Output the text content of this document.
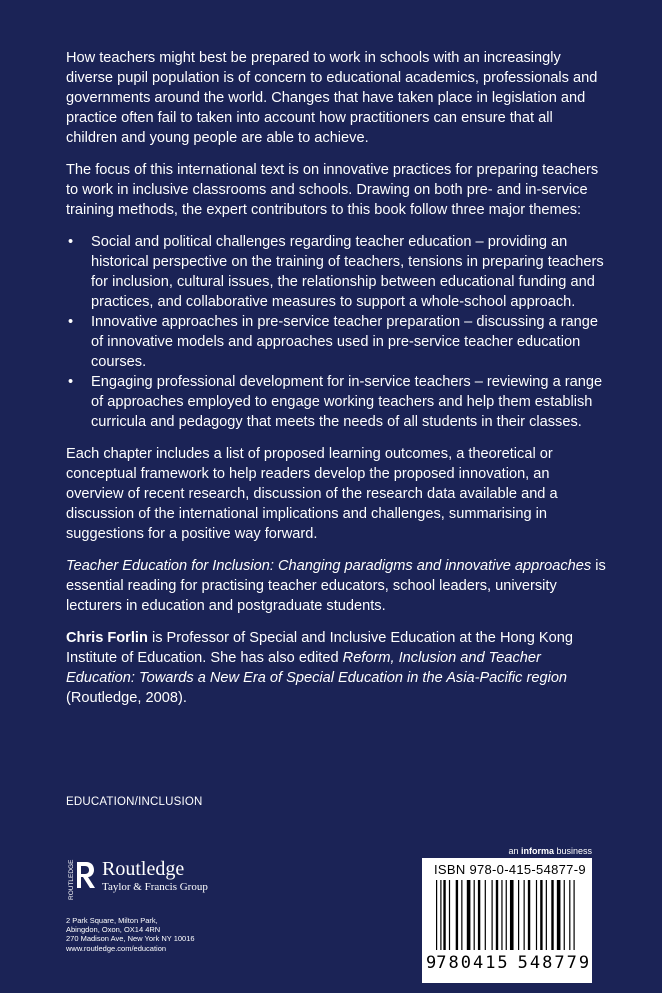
How teachers might best be prepared to work in schools with an increasingly diverse pupil population is of concern to educational academics, professionals and governments around the world. Changes that have taken place in legislation and practice often fail to taken into account how practitioners can ensure that all children and young people are able to achieve.

The focus of this international text is on innovative practices for preparing teachers to work in inclusive classrooms and schools. Drawing on both pre- and in-service training methods, the expert contributors to this book follow three major themes:

• Social and political challenges regarding teacher education – providing an historical perspective on the training of teachers, tensions in preparing teachers for inclusion, cultural issues, the relationship between educational funding and practices, and collaborative measures to support a whole-school approach.
• Innovative approaches in pre-service teacher preparation – discussing a range of innovative models and approaches used in pre-service teacher education courses.
• Engaging professional development for in-service teachers – reviewing a range of approaches employed to engage working teachers and help them establish curricula and pedagogy that meets the needs of all students in their classes.

Each chapter includes a list of proposed learning outcomes, a theoretical or conceptual framework to help readers develop the proposed innovation, an overview of recent research, discussion of the research data available and a discussion of the international implications and challenges, summarising in suggestions for a positive way forward.

Teacher Education for Inclusion: Changing paradigms and innovative approaches is essential reading for practising teacher educators, school leaders, university lecturers in education and postgraduate students.

Chris Forlin is Professor of Special and Inclusive Education at the Hong Kong Institute of Education. She has also edited Reform, Inclusion and Teacher Education: Towards a New Era of Special Education in the Asia-Pacific region (Routledge, 2008).

EDUCATION/INCLUSION
ROUTLEDGE Routledge
Taylor & Francis Group
2 Park Square, Milton Park,
Abingdon, Oxon, OX14 4RN
270 Madison Ave, New York NY 10016
www.routledge.com/education
an informa business
ISBN 978-0-415-54877-9
9 780415 548779
